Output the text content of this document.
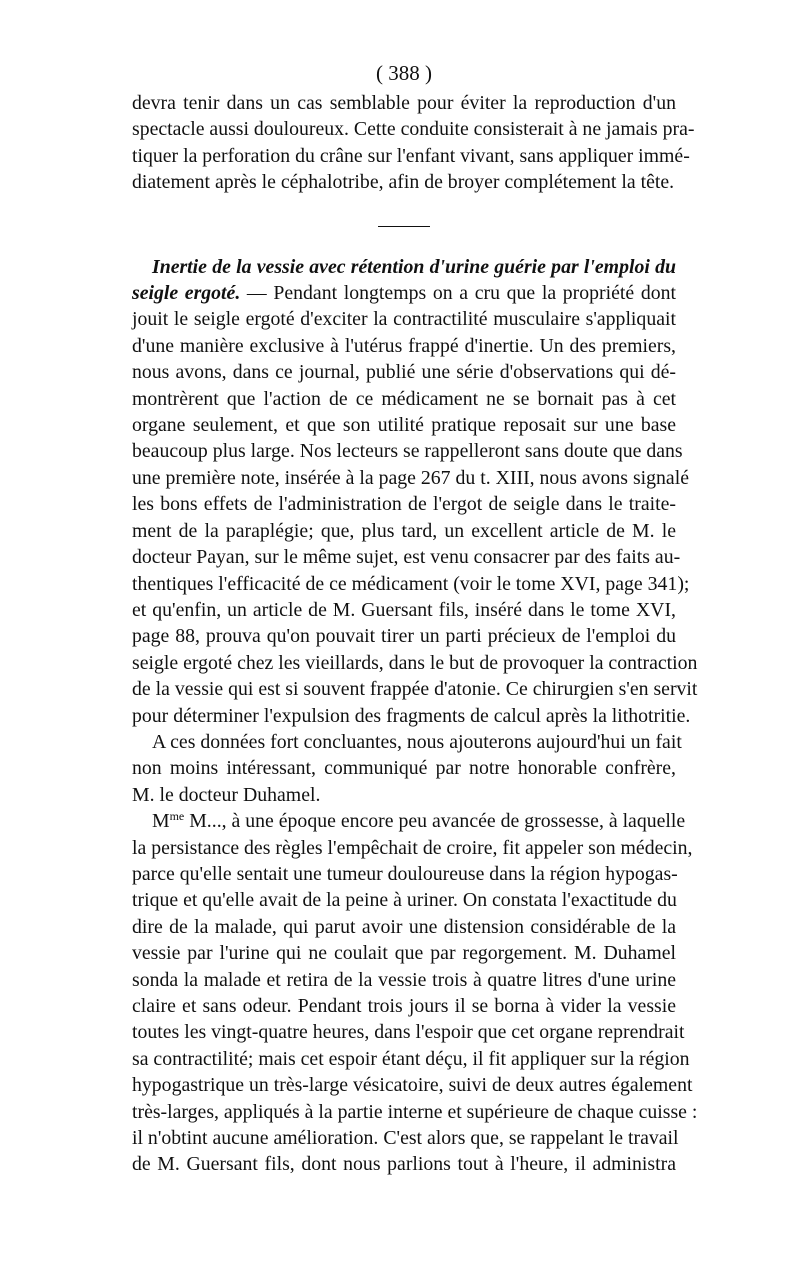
( 388 )
devra tenir dans un cas semblable pour éviter la reproduction d'un
spectacle aussi douloureux. Cette conduite consisterait à ne jamais pra-
tiquer la perforation du crâne sur l'enfant vivant, sans appliquer immé-
diatement après le céphalotribe, afin de broyer complétement la tête.
Inertie de la vessie avec rétention d'urine guérie par l'emploi du
seigle ergoté. — Pendant longtemps on a cru que la propriété dont
jouit le seigle ergoté d'exciter la contractilité musculaire s'appliquait
d'une manière exclusive à l'utérus frappé d'inertie. Un des premiers,
nous avons, dans ce journal, publié une série d'observations qui dé-
montrèrent que l'action de ce médicament ne se bornait pas à cet
organe seulement, et que son utilité pratique reposait sur une base
beaucoup plus large. Nos lecteurs se rappelleront sans doute que dans
une première note, insérée à la page 267 du t. XIII, nous avons signalé
les bons effets de l'administration de l'ergot de seigle dans le traite-
ment de la paraplégie; que, plus tard, un excellent article de M. le
docteur Payan, sur le même sujet, est venu consacrer par des faits au-
thentiques l'efficacité de ce médicament (voir le tome XVI, page 341);
et qu'enfin, un article de M. Guersant fils, inséré dans le tome XVI,
page 88, prouva qu'on pouvait tirer un parti précieux de l'emploi du
seigle ergoté chez les vieillards, dans le but de provoquer la contraction
de la vessie qui est si souvent frappée d'atonie. Ce chirurgien s'en servit
pour déterminer l'expulsion des fragments de calcul après la lithotritie.
A ces données fort concluantes, nous ajouterons aujourd'hui un fait
non moins intéressant, communiqué par notre honorable confrère,
M. le docteur Duhamel.
$M^{me}$ M..., à une époque encore peu avancée de grossesse, à laquelle
la persistance des règles l'empêchait de croire, fit appeler son médecin,
parce qu'elle sentait une tumeur douloureuse dans la région hypogas-
trique et qu'elle avait de la peine à uriner. On constata l'exactitude du
dire de la malade, qui parut avoir une distension considérable de la
vessie par l'urine qui ne coulait que par regorgement. M. Duhamel
sonda la malade et retira de la vessie trois à quatre litres d'une urine
claire et sans odeur. Pendant trois jours il se borna à vider la vessie
toutes les vingt-quatre heures, dans l'espoir que cet organe reprendrait
sa contractilité; mais cet espoir étant déçu, il fit appliquer sur la région
hypogastrique un très-large vésicatoire, suivi de deux autres également
très-larges, appliqués à la partie interne et supérieure de chaque cuisse :
il n'obtint aucune amélioration. C'est alors que, se rappelant le travail
de M. Guersant fils, dont nous parlions tout à l'heure, il administra
